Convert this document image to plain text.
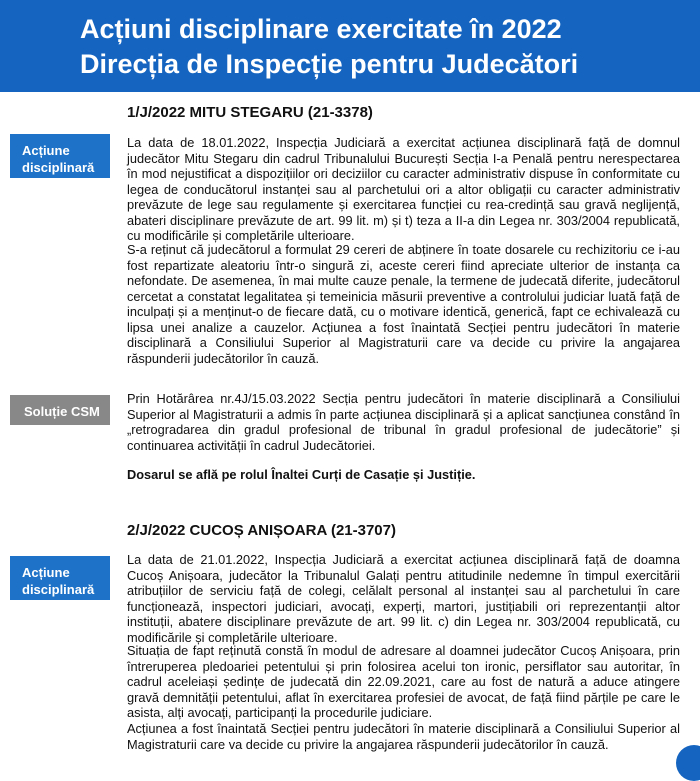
Acțiuni disciplinare exercitate în 2022
Direcția de Inspecție pentru Judecători
1/J/2022 MITU STEGARU (21-3378)
Acțiune
disciplinară

La data de 18.01.2022, Inspecția Judiciară a exercitat acțiunea disciplinară față de domnul judecător Mitu Stegaru din cadrul Tribunalului București Secția I-a Penală pentru nerespectarea în mod nejustificat a dispozițiilor ori deciziilor cu caracter administrativ dispuse în conformitate cu legea de conducătorul instanței sau al parchetului ori a altor obligații cu caracter administrativ prevăzute de lege sau regulamente și exercitarea funcției cu rea-credință sau gravă neglijență, abateri disciplinare prevăzute de art. 99 lit. m) și t) teza a II-a din Legea nr. 303/2004 republicată, cu modificările și completările ulterioare.

S-a reținut că judecătorul a formulat 29 cereri de abținere în toate dosarele cu rechizitoriu ce i-au fost repartizate aleatoriu într-o singură zi, aceste cereri fiind apreciate ulterior de instanța ca nefondate. De asemenea, în mai multe cauze penale, la termene de judecată diferite, judecătorul cercetat a constatat legalitatea și temeinicia măsurii preventive a controlului judiciar luată față de inculpați și a menținut-o de fiecare dată, cu o motivare identică, generică, fapt ce echivalează cu lipsa unei analize a cauzelor. Acțiunea a fost înaintată Secției pentru judecători în materie disciplinară a Consiliului Superior al Magistraturii care va decide cu privire la angajarea răspunderii judecătorilor în cauză.

Soluție CSM

Prin Hotărârea nr.4J/15.03.2022 Secția pentru judecători în materie disciplinară a Consiliului Superior al Magistraturii a admis în parte acțiunea disciplinară și a aplicat sancțiunea constând în „retrogradarea din gradul profesional de tribunal în gradul profesional de judecătorie” și continuarea activității în cadrul Judecătoriei.

Dosarul se află pe rolul Înaltei Curți de Casație și Justiție.

2/J/2022 CUCOȘ ANIȘOARA (21-3707)
Acțiune
disciplinară

La data de 21.01.2022, Inspecția Judiciară a exercitat acțiunea disciplinară față de doamna Cucoș Anișoara, judecător la Tribunalul Galați pentru atitudinile nedemne în timpul exercitării atribuțiilor de serviciu față de colegi, celălalt personal al instanței sau al parchetului în care funcționează, inspectori judiciari, avocați, experți, martori, justițiabili ori reprezentanții altor instituții, abatere disciplinare prevăzute de art. 99 lit. c) din Legea nr. 303/2004 republicată, cu modificările și completările ulterioare.

Situația de fapt reținută constă în modul de adresare al doamnei judecător Cucoș Anișoara, prin întreruperea pledoariei petentului și prin folosirea acelui ton ironic, persiflator sau autoritar, în cadrul aceleiași ședințe de judecată din 22.09.2021, care au fost de natură a aduce atingere gravă demnității petentului, aflat în exercitarea profesiei de avocat, de față fiind părțile pe care le asista, alți avocați, participanți la procedurile judiciare.

Acțiunea a fost înaintată Secției pentru judecători în materie disciplinară a Consiliului Superior al Magistraturii care va decide cu privire la angajarea răspunderii judecătorilor în cauză.
